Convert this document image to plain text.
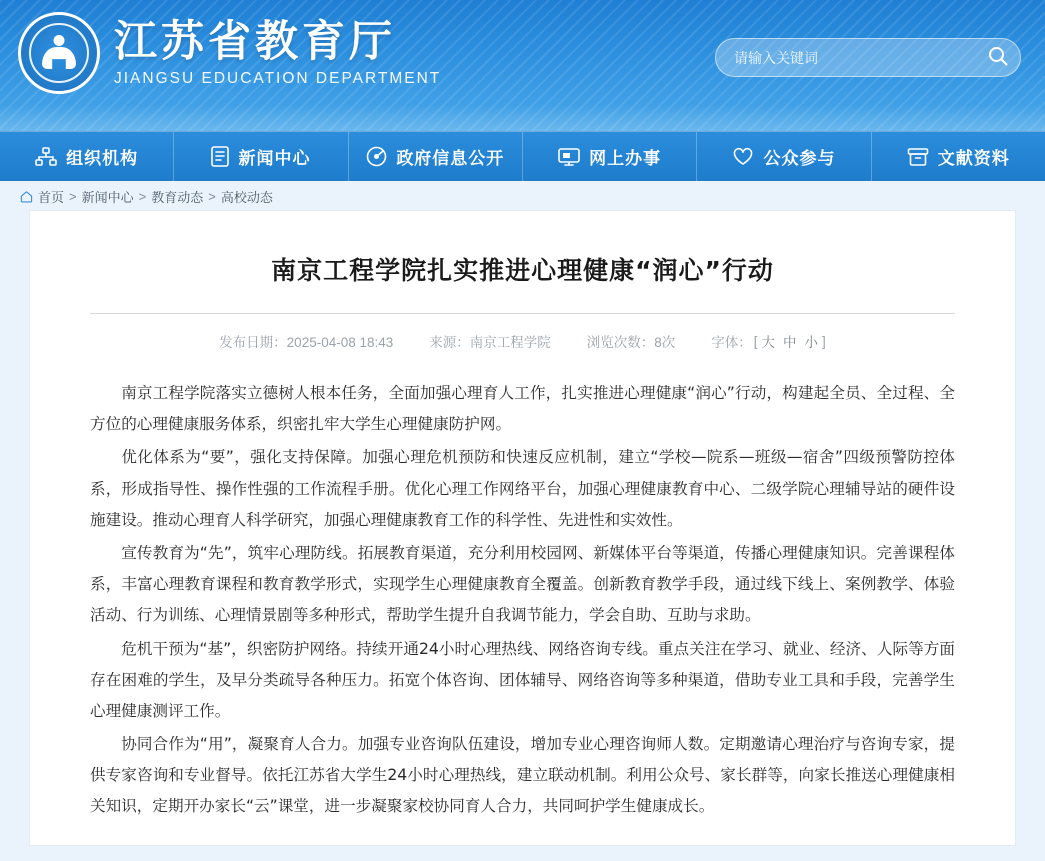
江苏省教育厅
JIANGSU EDUCATION DEPARTMENT
请输入关键词
组织机构	新闻中心	政府信息公开	网上办事	公众参与	文献资料
首页 > 新闻中心 > 教育动态 > 高校动态
南京工程学院扎实推进心理健康“润心”行动
发布日期：2025-04-08 18:43	来源：南京工程学院	浏览次数：8次	字体： [ 大 中 小 ]

南京工程学院落实立德树人根本任务，全面加强心理育人工作，扎实推进心理健康“润心”行动，构建起全员、全过程、全方位的心理健康服务体系，织密扎牢大学生心理健康防护网。

优化体系为“要”，强化支持保障。加强心理危机预防和快速反应机制，建立“学校—院系—班级—宿舍”四级预警防控体系，形成指导性、操作性强的工作流程手册。优化心理工作网络平台，加强心理健康教育中心、二级学院心理辅导站的硬件设施建设。推动心理育人科学研究，加强心理健康教育工作的科学性、先进性和实效性。

宣传教育为“先”，筑牢心理防线。拓展教育渠道，充分利用校园网、新媒体平台等渠道，传播心理健康知识。完善课程体系，丰富心理教育课程和教育教学形式，实现学生心理健康教育全覆盖。创新教育教学手段，通过线下线上、案例教学、体验活动、行为训练、心理情景剧等多种形式，帮助学生提升自我调节能力，学会自助、互助与求助。

危机干预为“基”，织密防护网络。持续开通24小时心理热线、网络咨询专线。重点关注在学习、就业、经济、人际等方面存在困难的学生，及早分类疏导各种压力。拓宽个体咨询、团体辅导、网络咨询等多种渠道，借助专业工具和手段，完善学生心理健康测评工作。

协同合作为“用”，凝聚育人合力。加强专业咨询队伍建设，增加专业心理咨询师人数。定期邀请心理治疗与咨询专家，提供专家咨询和专业督导。依托江苏省大学生24小时心理热线，建立联动机制。利用公众号、家长群等，向家长推送心理健康相关知识，定期开办家长“云”课堂，进一步凝聚家校协同育人合力，共同呵护学生健康成长。
